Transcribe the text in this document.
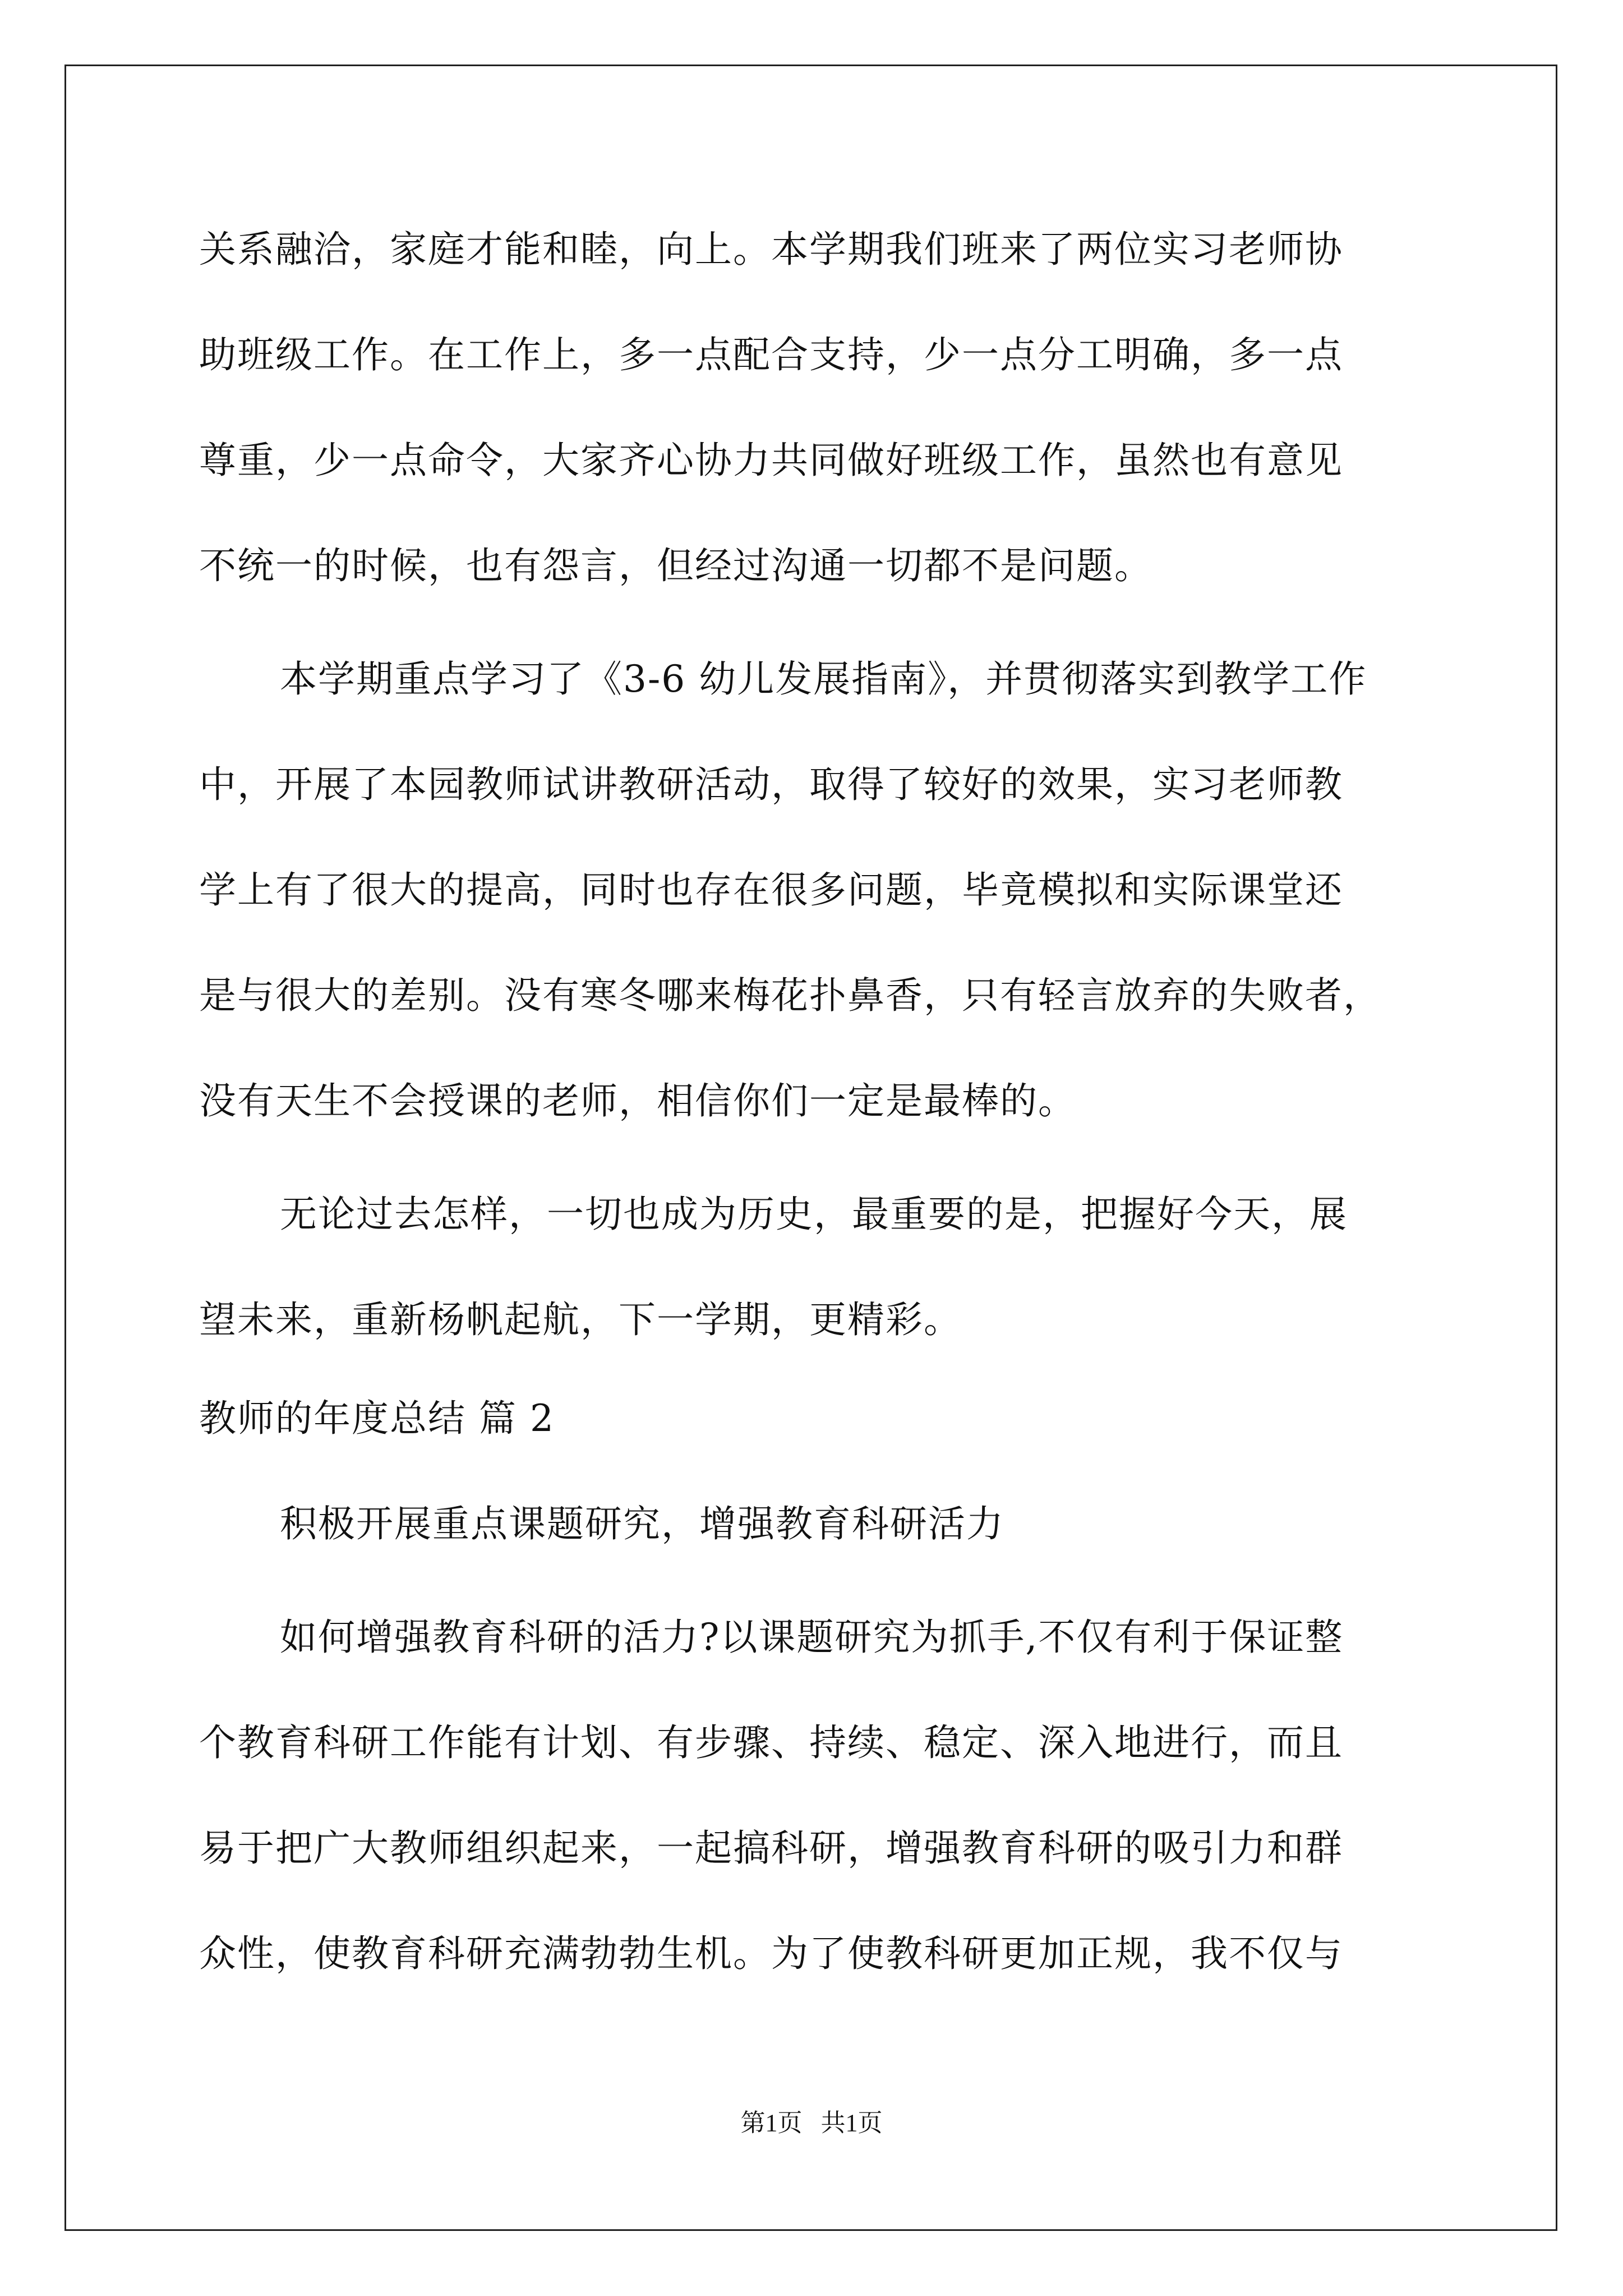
关系融洽，家庭才能和睦，向上。本学期我们班来了两位实习老师协
助班级工作。在工作上，多一点配合支持，少一点分工明确，多一点
尊重，少一点命令，大家齐心协力共同做好班级工作，虽然也有意见
不统一的时候，也有怨言，但经过沟通一切都不是问题。
本学期重点学习了《3-6 幼儿发展指南》，并贯彻落实到教学工作
中，开展了本园教师试讲教研活动，取得了较好的效果，实习老师教
学上有了很大的提高，同时也存在很多问题，毕竟模拟和实际课堂还
是与很大的差别。没有寒冬哪来梅花扑鼻香，只有轻言放弃的失败者，
没有天生不会授课的老师，相信你们一定是最棒的。
无论过去怎样，一切也成为历史，最重要的是，把握好今天，展
望未来，重新杨帆起航，下一学期，更精彩。
教师的年度总结 篇 2
积极开展重点课题研究，增强教育科研活力
如何增强教育科研的活力?以课题研究为抓手,不仅有利于保证整
个教育科研工作能有计划、有步骤、持续、稳定、深入地进行，而且
易于把广大教师组织起来，一起搞科研，增强教育科研的吸引力和群
众性，使教育科研充满勃勃生机。为了使教科研更加正规，我不仅与
第1页   共1页
